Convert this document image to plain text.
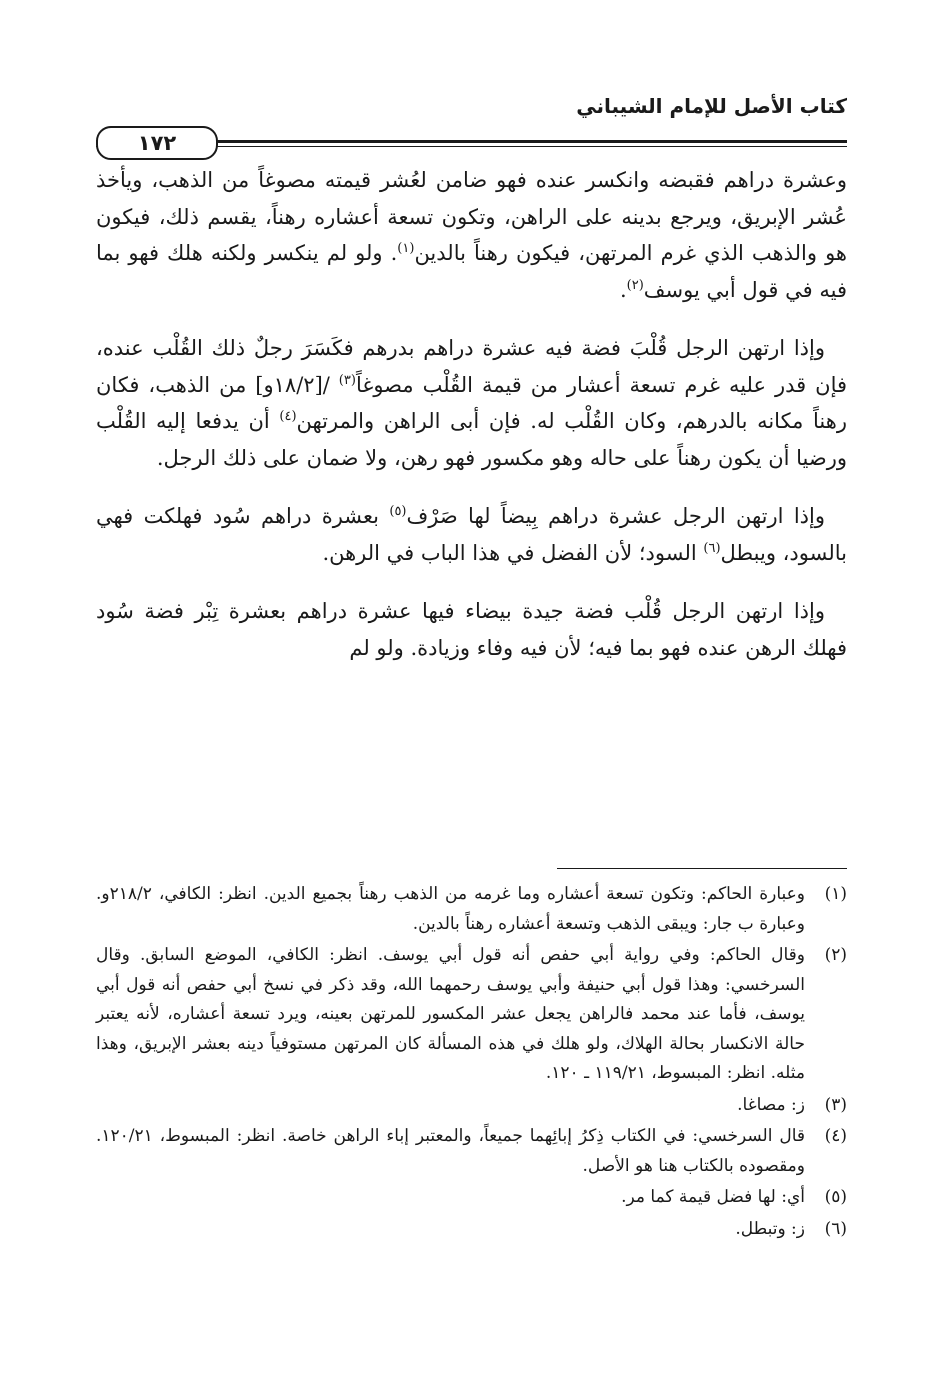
كتاب الأصل للإمام الشيباني
١٧٢

وعشرة دراهم فقبضه وانكسر عنده فهو ضامن لعُشر قيمته مصوغاً من الذهب، ويأخذ عُشر الإبريق، ويرجع بدينه على الراهن، وتكون تسعة أعشاره رهناً، يقسم ذلك، فيكون هو والذهب الذي غرم المرتهن، فيكون رهناً بالدين$^{(١)}$. ولو لم ينكسر ولكنه هلك فهو بما فيه في قول أبي يوسف$^{(٢)}$.

وإذا ارتهن الرجل قُلْبَ فضة فيه عشرة دراهم بدرهم فكَسَرَ رجلٌ ذلك القُلْب عنده، فإن قدر عليه غرم تسعة أعشار من قيمة القُلْب مصوغاً$^{(٣)}$ /[١٨/٢و] من الذهب، فكان رهناً مكانه بالدرهم، وكان القُلْب له. فإن أبى الراهن والمرتهن$^{(٤)}$ أن يدفعا إليه القُلْب ورضيا أن يكون رهناً على حاله وهو مكسور فهو رهن، ولا ضمان على ذلك الرجل.

وإذا ارتهن الرجل عشرة دراهم بِيضاً لها صَرْف$^{(٥)}$ بعشرة دراهم سُود فهلكت فهي بالسود، ويبطل$^{(٦)}$ السود؛ لأن الفضل في هذا الباب في الرهن.

وإذا ارتهن الرجل قُلْب فضة جيدة بيضاء فيها عشرة دراهم بعشرة تِبْر فضة سُود فهلك الرهن عنده فهو بما فيه؛ لأن فيه وفاء وزيادة. ولو لم

(١)
وعبارة الحاكم: وتكون تسعة أعشاره وما غرمه من الذهب رهناً بجميع الدين. انظر: الكافي، ٢١٨/٢و. وعبارة ب جار: ويبقى الذهب وتسعة أعشاره رهناً بالدين.
(٢)
وقال الحاكم: وفي رواية أبي حفص أنه قول أبي يوسف. انظر: الكافي، الموضع السابق. وقال السرخسي: وهذا قول أبي حنيفة وأبي يوسف رحمهما الله، وقد ذكر في نسخ أبي حفص أنه قول أبي يوسف، فأما عند محمد فالراهن يجعل عشر المكسور للمرتهن بعينه، ويرد تسعة أعشاره، لأنه يعتبر حالة الانكسار بحالة الهلاك، ولو هلك في هذه المسألة كان المرتهن مستوفياً دينه بعشر الإبريق، وهذا مثله. انظر: المبسوط، ١١٩/٢١ ـ ١٢٠.
(٣)
ز: مصاغا.
(٤)
قال السرخسي: في الكتاب ذِكرُ إبائِهما جميعاً، والمعتبر إباء الراهن خاصة. انظر: المبسوط، ١٢٠/٢١. ومقصوده بالكتاب هنا هو الأصل.
(٥)
أي: لها فضل قيمة كما مر.
(٦)
ز: وتبطل.
